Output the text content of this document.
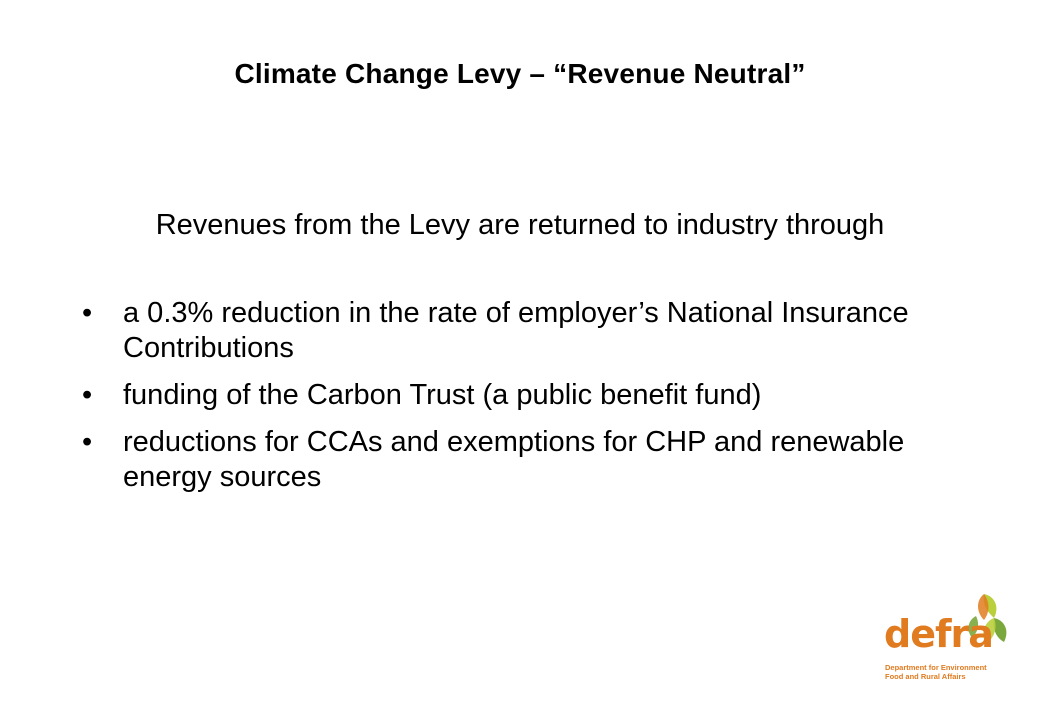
Climate Change Levy – “Revenue Neutral”
Revenues from the Levy are returned to industry through
•	a 0.3% reduction in the rate of employer’s National Insurance Contributions
•	funding of the Carbon Trust (a public benefit fund)
•	reductions for CCAs and exemptions for CHP and renewable energy sources
defra
Department for Environment
Food and Rural Affairs
